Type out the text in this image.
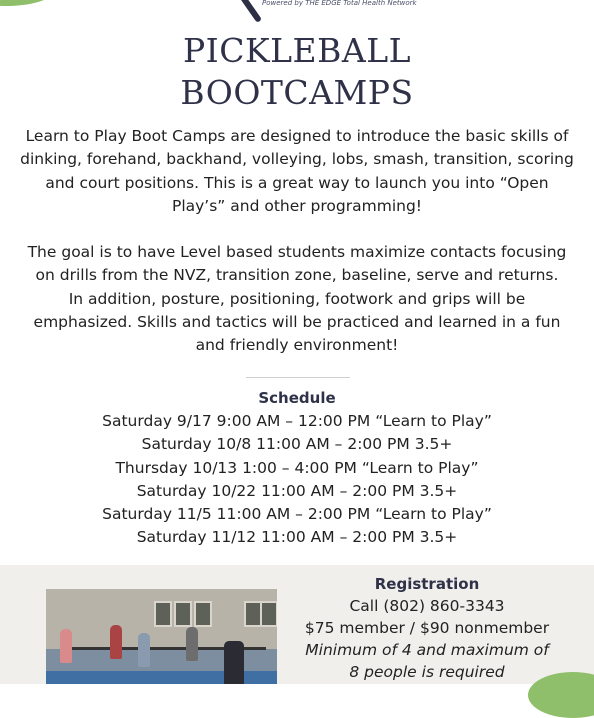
Powered by THE EDGE Total Health Network
PICKLEBALL
BOOTCAMPS

Learn to Play Boot Camps are designed to introduce the basic skills of dinking, forehand, backhand, volleying, lobs, smash, transition, scoring and court positions. This is a great way to launch you into “Open Play’s” and other programming!

The goal is to have Level based students maximize contacts focusing on drills from the NVZ, transition zone, baseline, serve and returns.
In addition, posture, positioning, footwork and grips will be emphasized. Skills and tactics will be practiced and learned in a fun and friendly environment!

Schedule
Saturday 9/17 9:00 AM – 12:00 PM “Learn to Play”
Saturday 10/8 11:00 AM – 2:00 PM 3.5+
Thursday 10/13 1:00 – 4:00 PM “Learn to Play”
Saturday 10/22 11:00 AM – 2:00 PM 3.5+
Saturday 11/5 11:00 AM – 2:00 PM “Learn to Play”
Saturday 11/12 11:00 AM – 2:00 PM 3.5+
Registration
Call (802) 860-3343
$75 member / $90 nonmember
Minimum of 4 and maximum of 8 people is required
